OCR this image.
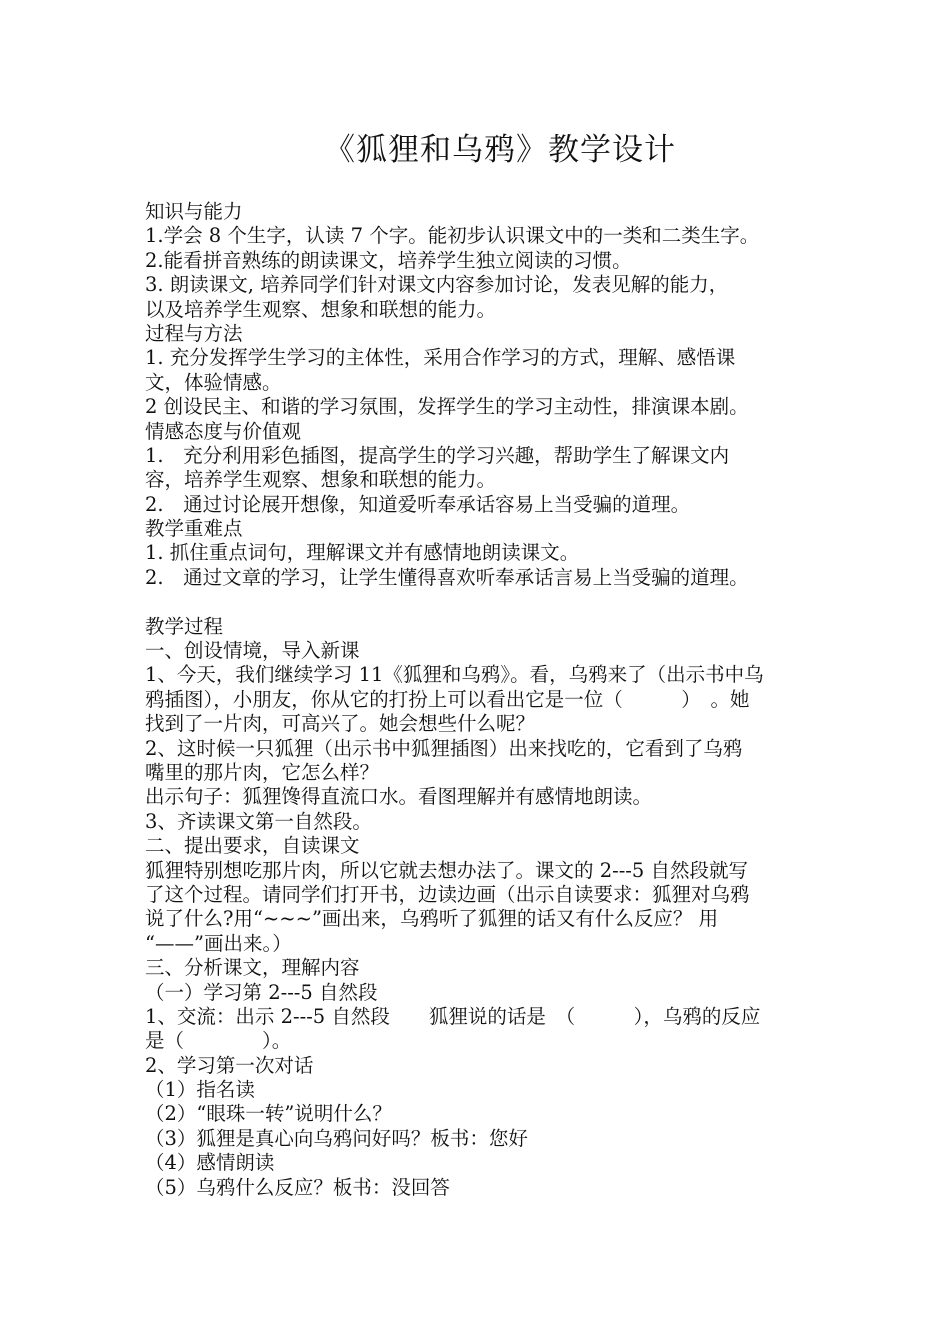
《狐狸和乌鸦》教学设计
知识与能力
1.学会 8 个生字，认读 7 个字。能初步认识课文中的一类和二类生字。
2.能看拼音熟练的朗读课文，培养学生独立阅读的习惯。
3. 朗读课文, 培养同学们针对课文内容参加讨论，发表见解的能力，
以及培养学生观察、想象和联想的能力。
过程与方法
1. 充分发挥学生学习的主体性，采用合作学习的方式，理解、感悟课
文，体验情感。
2 创设民主、和谐的学习氛围，发挥学生的学习主动性，排演课本剧。
情感态度与价值观
1.　充分利用彩色插图，提高学生的学习兴趣，帮助学生了解课文内
容，培养学生观察、想象和联想的能力。
2.　通过讨论展开想像，知道爱听奉承话容易上当受骗的道理。
教学重难点
1. 抓住重点词句，理解课文并有感情地朗读课文。
2.　通过文章的学习，让学生懂得喜欢听奉承话言易上当受骗的道理。
教学过程
一、创设情境，导入新课
1、今天，我们继续学习 11《狐狸和乌鸦》。看，乌鸦来了（出示书中乌
鸦插图），小朋友，你从它的打扮上可以看出它是一位（　　　）　。她
找到了一片肉，可高兴了。她会想些什么呢？
2、这时候一只狐狸（出示书中狐狸插图）出来找吃的，它看到了乌鸦
嘴里的那片肉，它怎么样？
出示句子：狐狸馋得直流口水。看图理解并有感情地朗读。
3、齐读课文第一自然段。
二、提出要求，自读课文
狐狸特别想吃那片肉，所以它就去想办法了。课文的 2---5 自然段就写
了这个过程。请同学们打开书，边读边画（出示自读要求：狐狸对乌鸦
说了什么?用“~~~”画出来，乌鸦听了狐狸的话又有什么反应？ 用
“——”画出来。）
三、分析课文，理解内容
（一）学习第 2---5 自然段
1、交流：出示 2---5 自然段　　狐狸说的话是　（　　　），乌鸦的反应
是（　　　　）。
2、学习第一次对话
（1）指名读
（2）“眼珠一转”说明什么？
（3）狐狸是真心向乌鸦问好吗？板书：您好
（4）感情朗读
（5）乌鸦什么反应？板书：没回答
